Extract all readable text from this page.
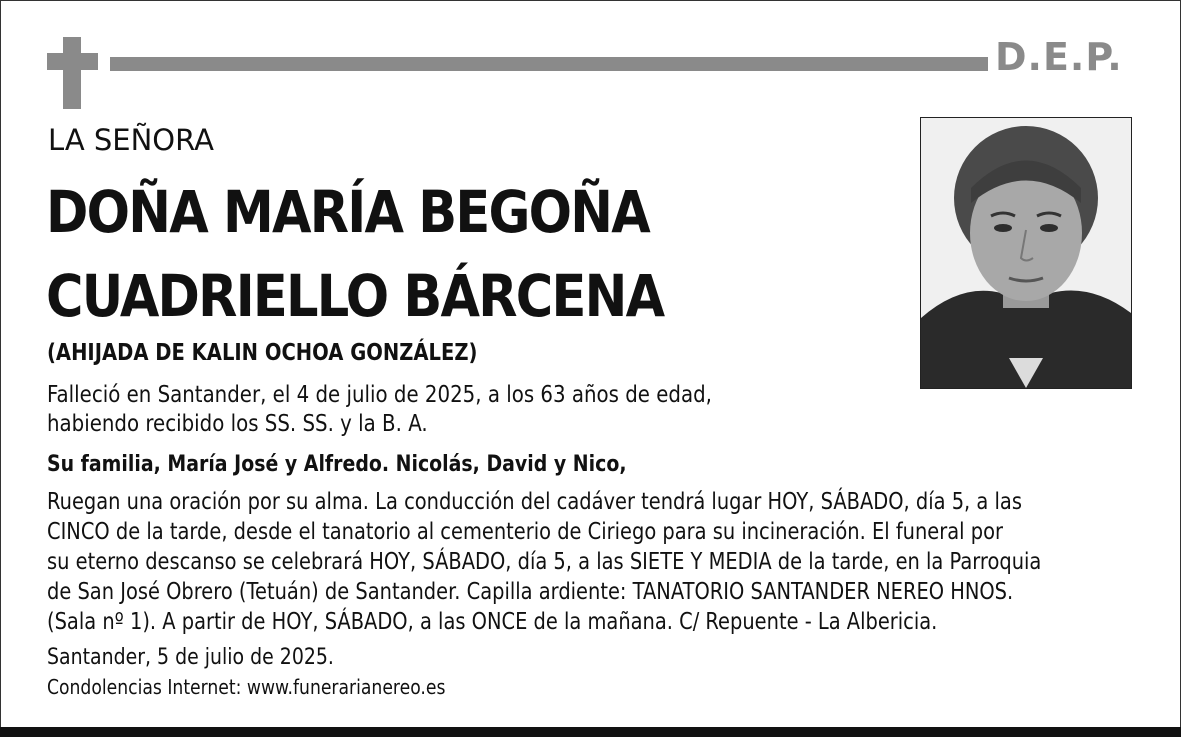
D.E.P.
LA SEÑORA
DOÑA MARÍA BEGOÑA
CUADRIELLO BÁRCENA
(AHIJADA DE KALIN OCHOA GONZÁLEZ)
Falleció en Santander, el 4 de julio de 2025, a los 63 años de edad,
habiendo recibido los SS. SS. y la B. A.
Su familia, María José y Alfredo. Nicolás, David y Nico,
Ruegan una oración por su alma. La conducción del cadáver tendrá lugar HOY, SÁBADO, día 5, a las
CINCO de la tarde, desde el tanatorio al cementerio de Ciriego para su incineración. El funeral por
su eterno descanso se celebrará HOY, SÁBADO, día 5, a las SIETE Y MEDIA de la tarde, en la Parroquia
de San José Obrero (Tetuán) de Santander. Capilla ardiente: TANATORIO SANTANDER NEREO HNOS.
(Sala nº 1). A partir de HOY, SÁBADO, a las ONCE de la mañana. C/ Repuente - La Albericia.
Santander, 5 de julio de 2025.
Condolencias Internet: www.funerarianereo.es
